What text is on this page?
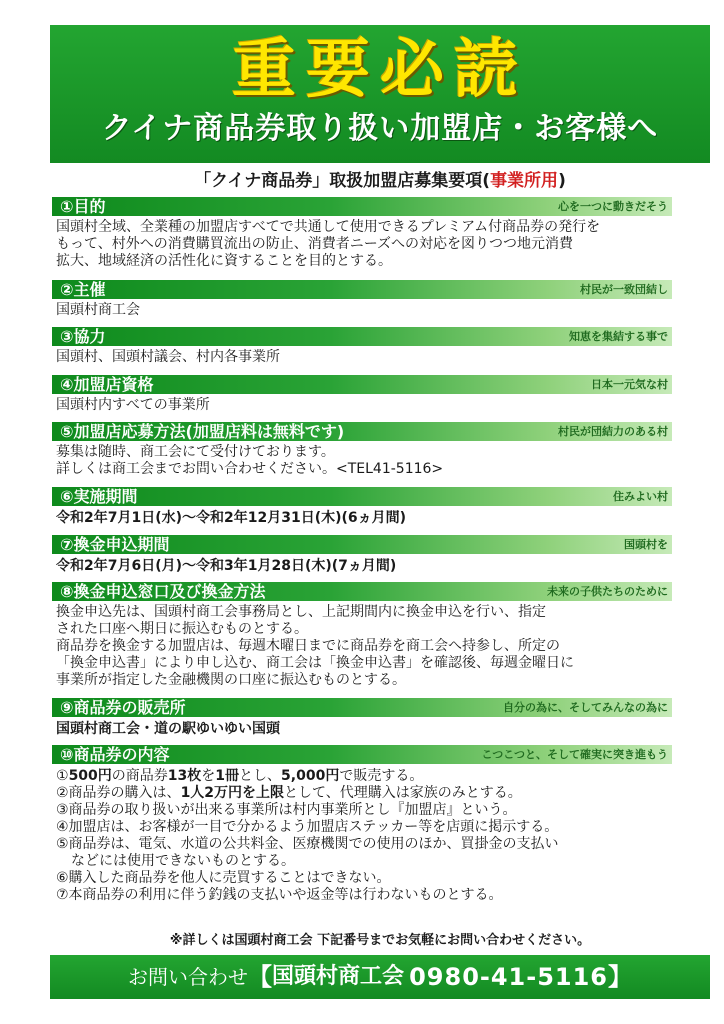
重要必読
クイナ商品券取り扱い加盟店・お客様へ
「クイナ商品券」取扱加盟店募集要項(事業所用)
①目的	心を一つに動きだそう

国頭村全域、全業種の加盟店すべてで共通して使用できるプレミアム付商品券の発行を

もって、村外への消費購買流出の防止、消費者ニーズへの対応を図りつつ地元消費

拡大、地域経済の活性化に資することを目的とする。

②主催	村民が一致団結し

国頭村商工会

③協力	知恵を集結する事で

国頭村、国頭村議会、村内各事業所

④加盟店資格	日本一元気な村

国頭村内すべての事業所

⑤加盟店応募方法(加盟店料は無料です)	村民が団結力のある村

募集は随時、商工会にて受付けております。

詳しくは商工会までお問い合わせください。<TEL41-5116>

⑥実施期間	住みよい村

令和2年7月1日(水)～令和2年12月31日(木)(6ヵ月間)

⑦換金申込期間	国頭村を

令和2年7月6日(月)～令和3年1月28日(木)(7ヵ月間)

⑧換金申込窓口及び換金方法	未来の子供たちのために

換金申込先は、国頭村商工会事務局とし、上記期間内に換金申込を行い、指定

された口座へ期日に振込むものとする。

商品券を換金する加盟店は、毎週木曜日までに商品券を商工会へ持参し、所定の

「換金申込書」により申し込む、商工会は「換金申込書」を確認後、毎週金曜日に

事業所が指定した金融機関の口座に振込むものとする。

⑨商品券の販売所	自分の為に、そしてみんなの為に

国頭村商工会・道の駅ゆいゆい国頭

⑩商品券の内容	こつこつと、そして確実に突き進もう

①500円の商品券13枚を1冊とし、5,000円で販売する。

②商品券の購入は、1人2万円を上限として、代理購入は家族のみとする。

③商品券の取り扱いが出来る事業所は村内事業所とし『加盟店』という。

④加盟店は、お客様が一目で分かるよう加盟店ステッカー等を店頭に掲示する。

⑤商品券は、電気、水道の公共料金、医療機関での使用のほか、買掛金の支払い

などには使用できないものとする。

⑥購入した商品券を他人に売買することはできない。

⑦本商品券の利用に伴う釣銭の支払いや返金等は行わないものとする。

※詳しくは国頭村商工会 下記番号までお気軽にお問い合わせください。
お問い合わせ【国頭村商工会 0980-41-5116】
